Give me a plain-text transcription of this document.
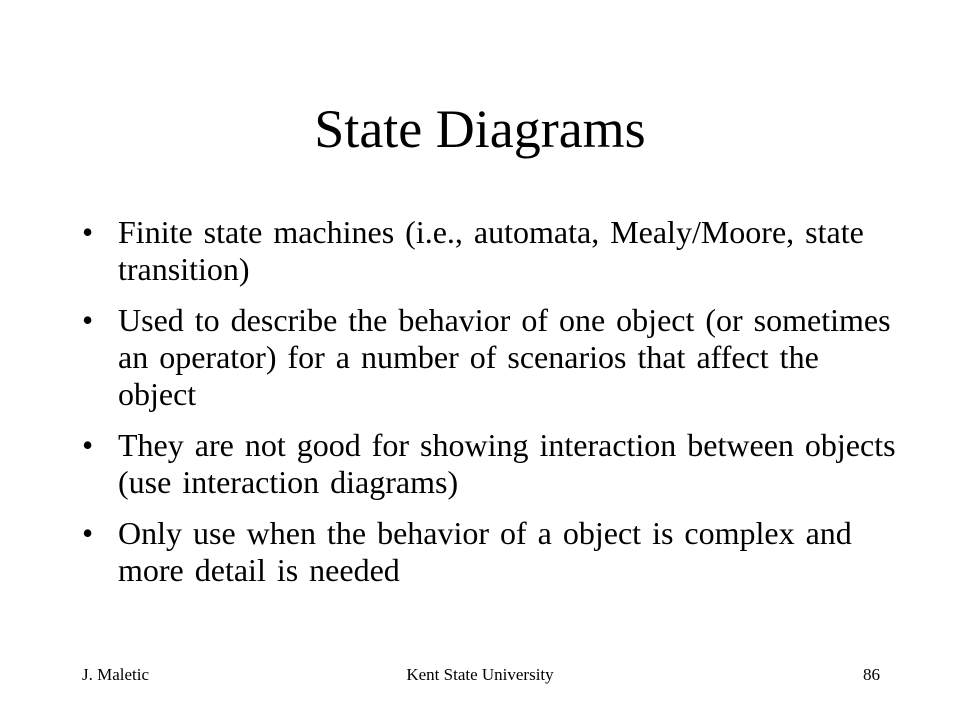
State Diagrams
• Finite state machines (i.e., automata, Mealy/Moore, state transition)
• Used to describe the behavior of one object (or sometimes an operator) for a number of scenarios that affect the object
• They are not good for showing interaction between objects (use interaction diagrams)
• Only use when the behavior of a object is complex and more detail is needed
J. Maletic	Kent State University	86
